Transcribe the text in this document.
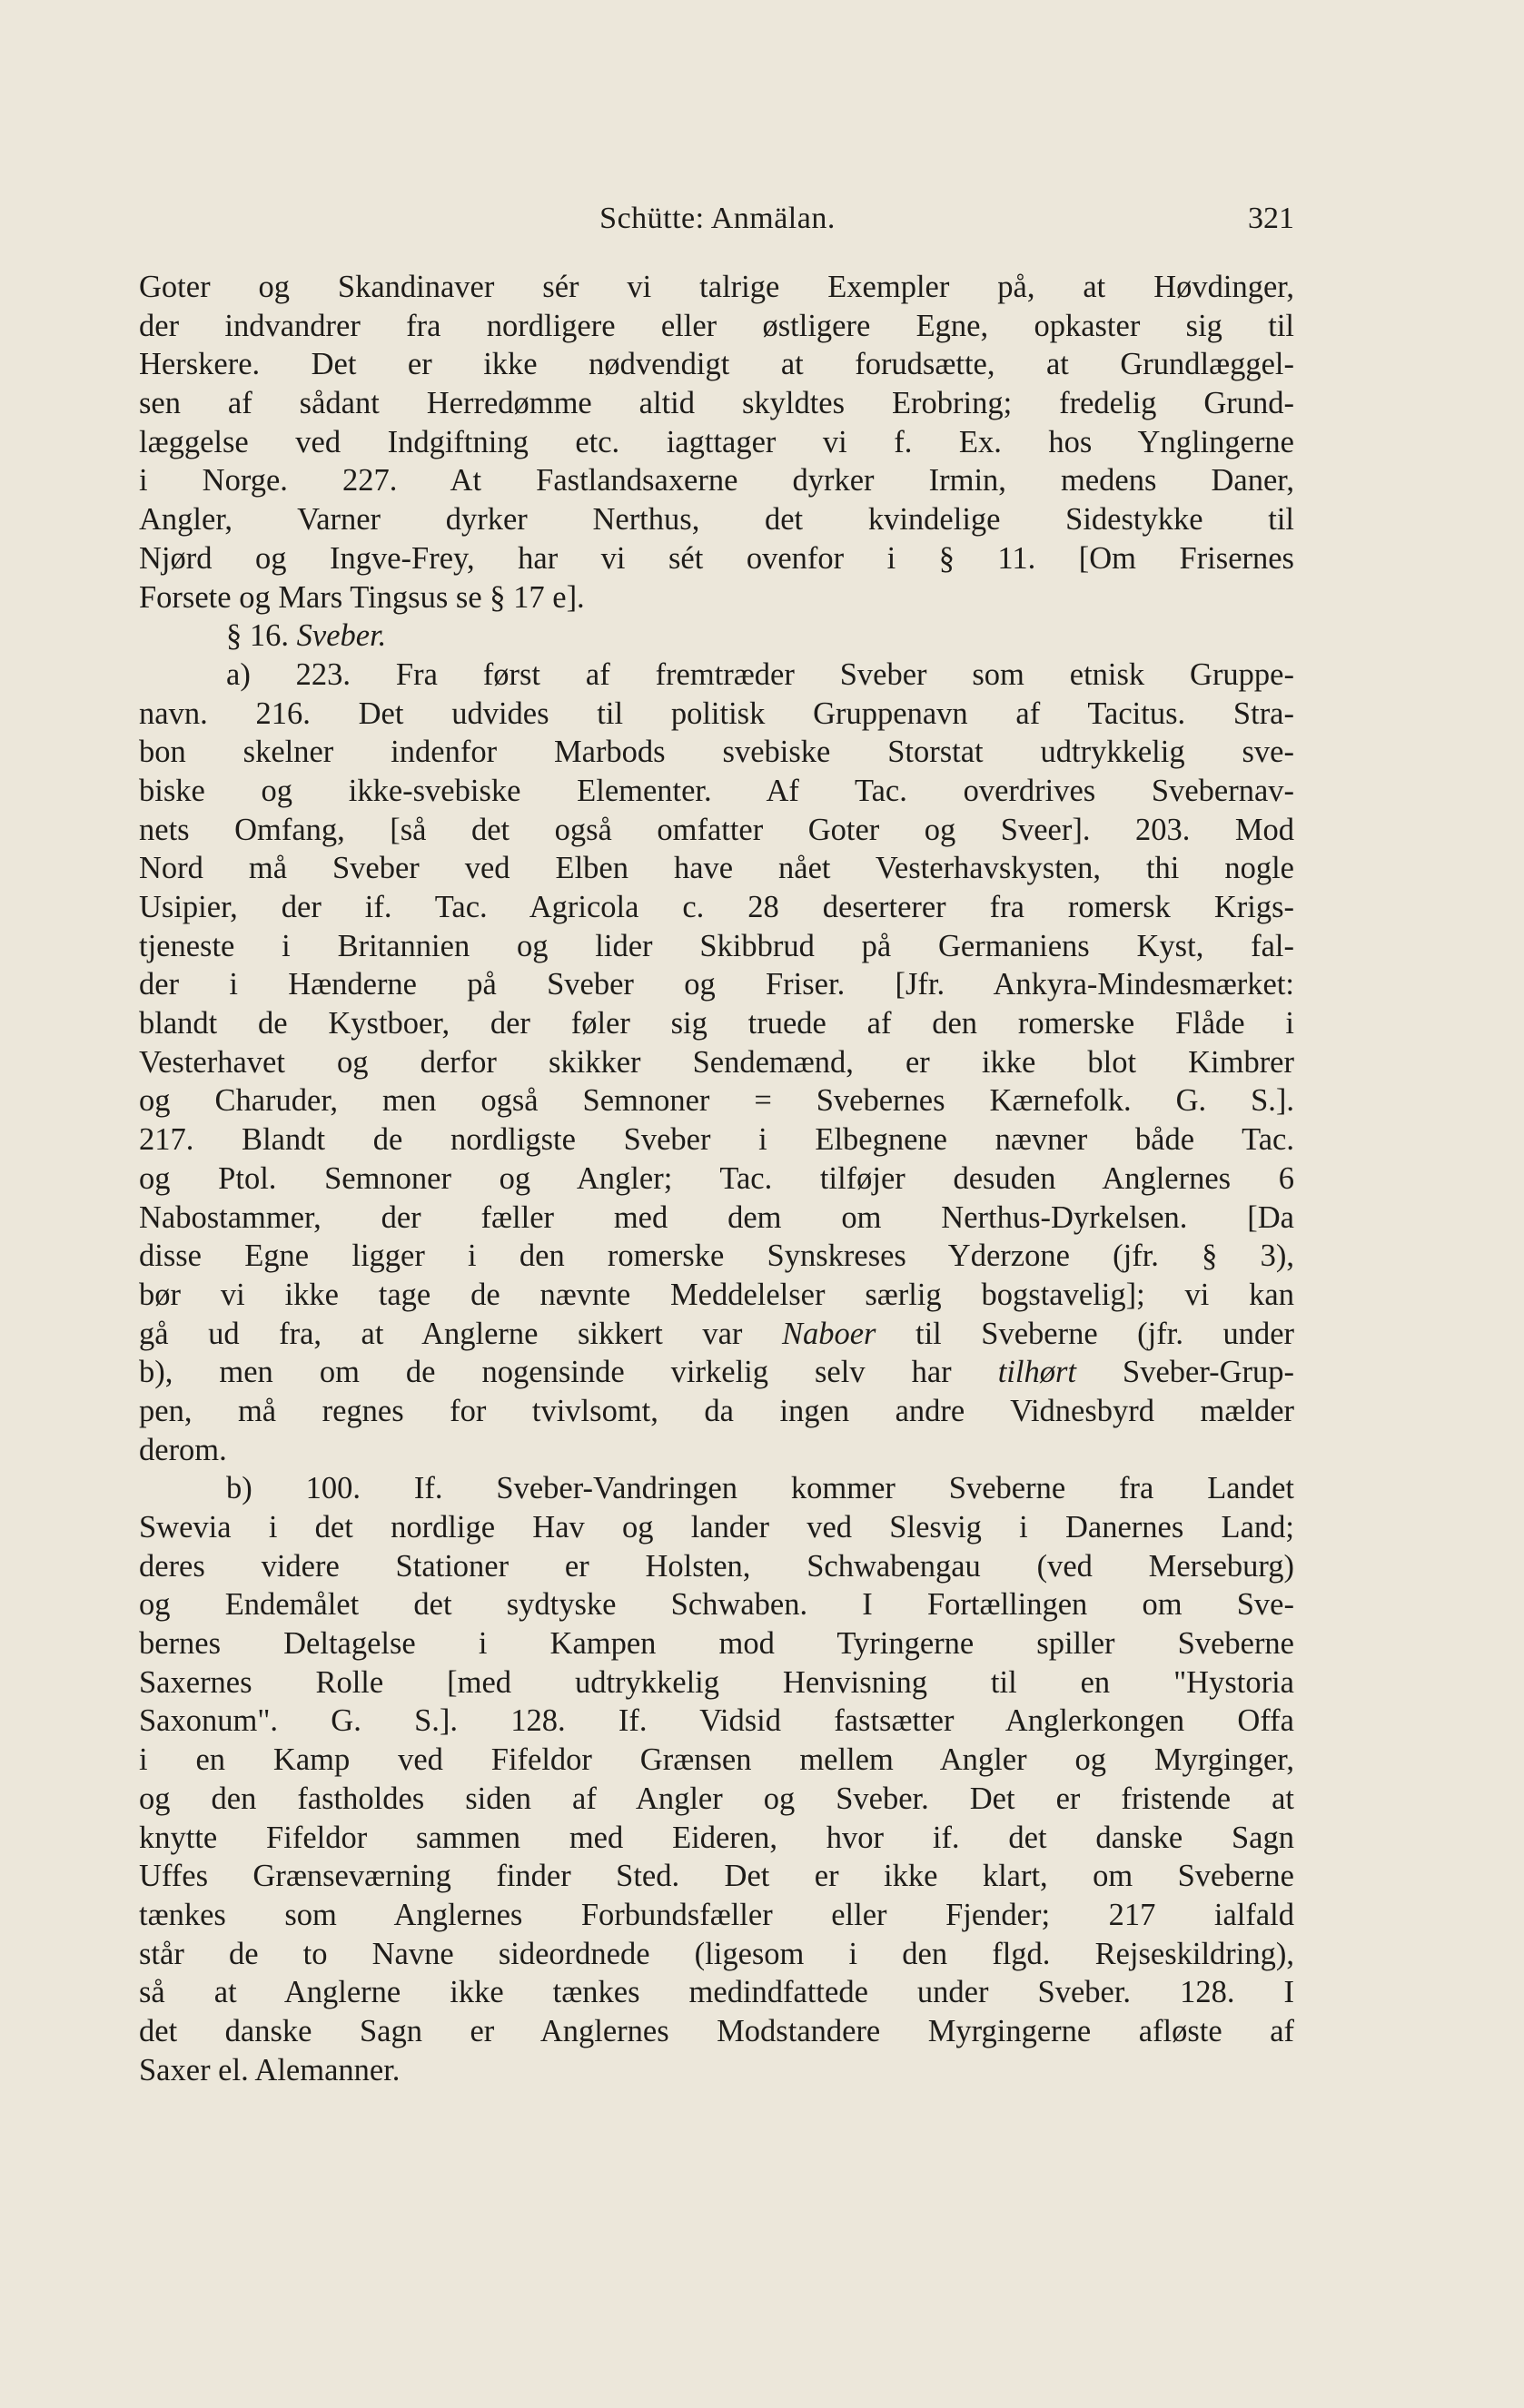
Schütte: Anmälan.	321
Goter og Skandinaver sér vi talrige Exempler på, at Høvdinger,
der indvandrer fra nordligere eller østligere Egne, opkaster sig til
Herskere. Det er ikke nødvendigt at forudsætte, at Grundlæggel-
sen af sådant Herredømme altid skyldtes Erobring; fredelig Grund-
læggelse ved Indgiftning etc. iagttager vi f. Ex. hos Ynglingerne
i Norge. 227. At Fastlandsaxerne dyrker Irmin, medens Daner,
Angler, Varner dyrker Nerthus, det kvindelige Sidestykke til
Njørd og Ingve-Frey, har vi sét ovenfor i § 11. [Om Frisernes
Forsete og Mars Tingsus se § 17 e].
§ 16. Sveber.
a) 223. Fra først af fremtræder Sveber som etnisk Gruppe-
navn. 216. Det udvides til politisk Gruppenavn af Tacitus. Stra-
bon skelner indenfor Marbods svebiske Storstat udtrykkelig sve-
biske og ikke-svebiske Elementer. Af Tac. overdrives Svebernav-
nets Omfang, [så det også omfatter Goter og Sveer]. 203. Mod
Nord må Sveber ved Elben have nået Vesterhavskysten, thi nogle
Usipier, der if. Tac. Agricola c. 28 deserterer fra romersk Krigs-
tjeneste i Britannien og lider Skibbrud på Germaniens Kyst, fal-
der i Hænderne på Sveber og Friser. [Jfr. Ankyra-Mindesmærket:
blandt de Kystboer, der føler sig truede af den romerske Flåde i
Vesterhavet og derfor skikker Sendemænd, er ikke blot Kimbrer
og Charuder, men også Semnoner = Svebernes Kærnefolk. G. S.].
217. Blandt de nordligste Sveber i Elbegnene nævner både Tac.
og Ptol. Semnoner og Angler; Tac. tilføjer desuden Anglernes 6
Nabostammer, der fæller med dem om Nerthus-Dyrkelsen. [Da
disse Egne ligger i den romerske Synskreses Yderzone (jfr. § 3),
bør vi ikke tage de nævnte Meddelelser særlig bogstavelig]; vi kan
gå ud fra, at Anglerne sikkert var Naboer til Sveberne (jfr. under
b), men om de nogensinde virkelig selv har tilhørt Sveber-Grup-
pen, må regnes for tvivlsomt, da ingen andre Vidnesbyrd mælder
derom.
b) 100. If. Sveber-Vandringen kommer Sveberne fra Landet
Swevia i det nordlige Hav og lander ved Slesvig i Danernes Land;
deres videre Stationer er Holsten, Schwabengau (ved Merseburg)
og Endemålet det sydtyske Schwaben. I Fortællingen om Sve-
bernes Deltagelse i Kampen mod Tyringerne spiller Sveberne
Saxernes Rolle [med udtrykkelig Henvisning til en "Hystoria
Saxonum". G. S.]. 128. If. Vidsid fastsætter Anglerkongen Offa
i en Kamp ved Fifeldor Grænsen mellem Angler og Myrginger,
og den fastholdes siden af Angler og Sveber. Det er fristende at
knytte Fifeldor sammen med Eideren, hvor if. det danske Sagn
Uffes Grænseværning finder Sted. Det er ikke klart, om Sveberne
tænkes som Anglernes Forbundsfæller eller Fjender; 217 ialfald
står de to Navne sideordnede (ligesom i den flgd. Rejseskildring),
så at Anglerne ikke tænkes medindfattede under Sveber. 128. I
det danske Sagn er Anglernes Modstandere Myrgingerne afløste af
Saxer el. Alemanner.
